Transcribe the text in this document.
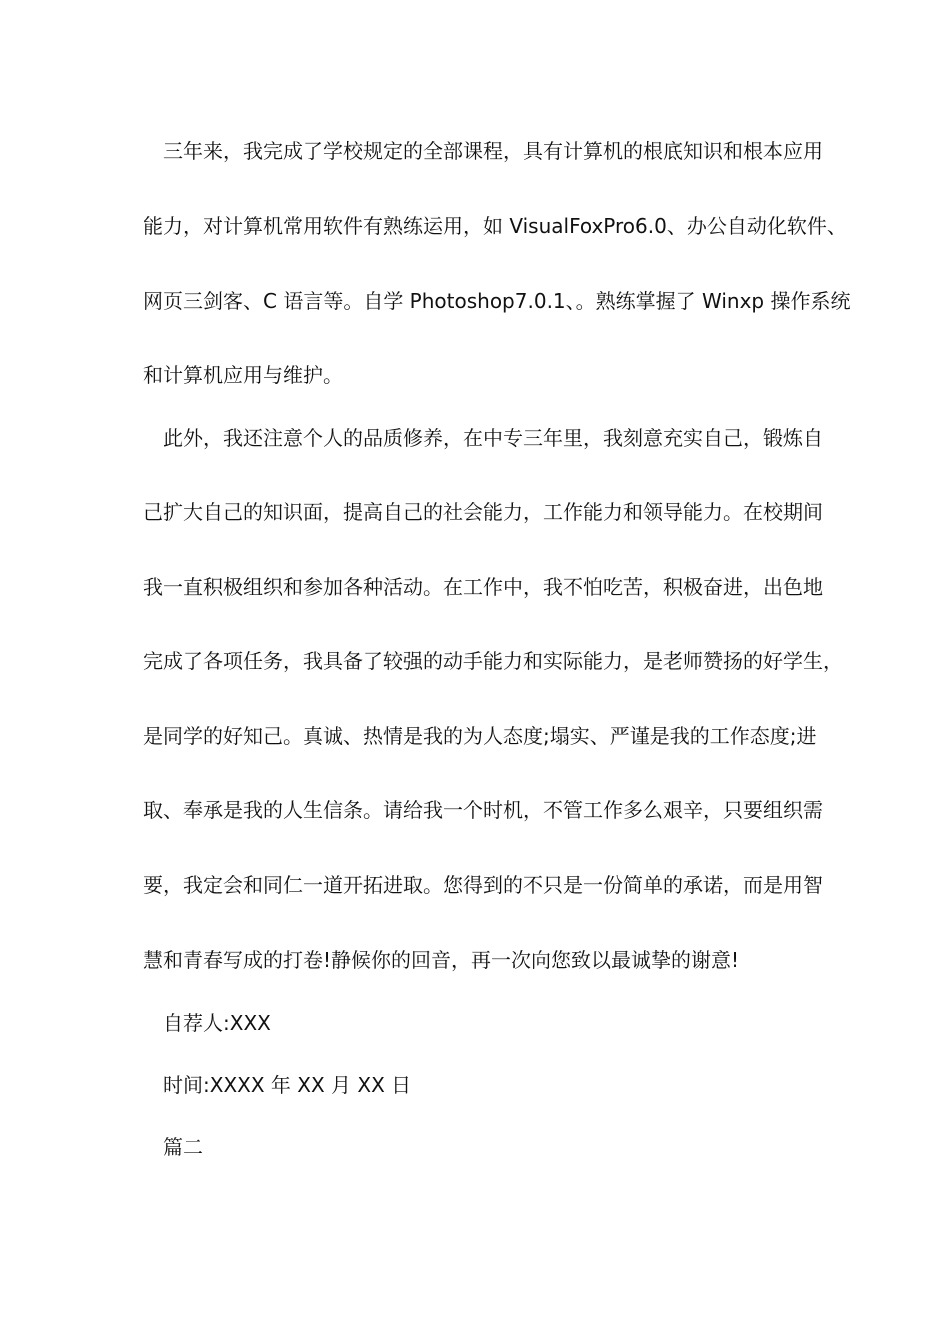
三年来，我完成了学校规定的全部课程，具有计算机的根底知识和根本应用
能力，对计算机常用软件有熟练运用，如 VisualFoxPro6.0、办公自动化软件、
网页三剑客、C 语言等。自学 Photoshop7.0.1、。熟练掌握了 Winxp 操作系统
和计算机应用与维护。
此外，我还注意个人的品质修养，在中专三年里，我刻意充实自己，锻炼自
己扩大自己的知识面，提高自己的社会能力，工作能力和领导能力。在校期间
我一直积极组织和参加各种活动。在工作中，我不怕吃苦，积极奋进，出色地
完成了各项任务，我具备了较强的动手能力和实际能力，是老师赞扬的好学生，
是同学的好知己。真诚、热情是我的为人态度;塌实、严谨是我的工作态度;进
取、奉承是我的人生信条。请给我一个时机，不管工作多么艰辛，只要组织需
要，我定会和同仁一道开拓进取。您得到的不只是一份简单的承诺，而是用智
慧和青春写成的打卷!静候你的回音，再一次向您致以最诚挚的谢意!
自荐人:XXX
时间:XXXX 年 XX 月 XX 日
篇二
